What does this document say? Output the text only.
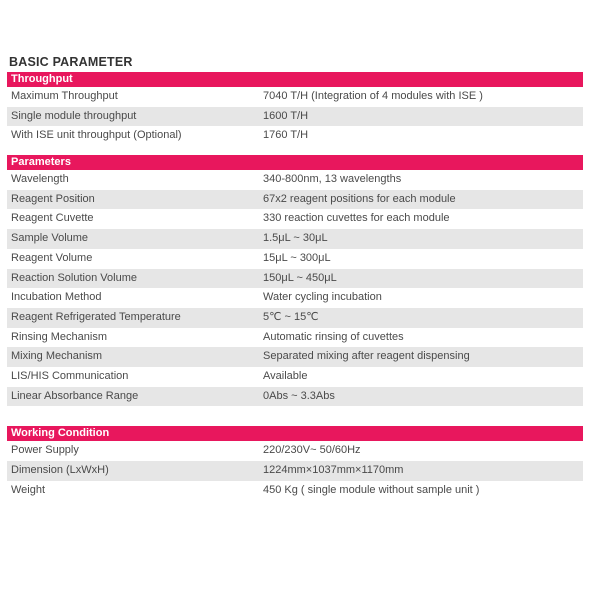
BASIC PARAMETER
Throughput
Maximum Throughput	7040 T/H (Integration of 4 modules with ISE )
Single module throughput	1600 T/H
With ISE unit throughput (Optional)	1760 T/H
Parameters
Wavelength	340-800nm, 13 wavelengths
Reagent Position	67x2 reagent positions for each module
Reagent Cuvette	330 reaction cuvettes for each module
Sample Volume	1.5μL ~ 30μL
Reagent Volume	15μL ~ 300μL
Reaction Solution Volume	150μL ~ 450μL
Incubation Method	Water cycling incubation
Reagent Refrigerated Temperature	5℃ ~ 15℃
Rinsing Mechanism	Automatic rinsing of cuvettes
Mixing Mechanism	Separated mixing after reagent dispensing
LIS/HIS Communication	Available
Linear Absorbance Range	0Abs ~ 3.3Abs
Working Condition
Power Supply	220/230V~ 50/60Hz
Dimension (LxWxH)	1224mm×1037mm×1170mm
Weight	450 Kg ( single module without sample unit )
